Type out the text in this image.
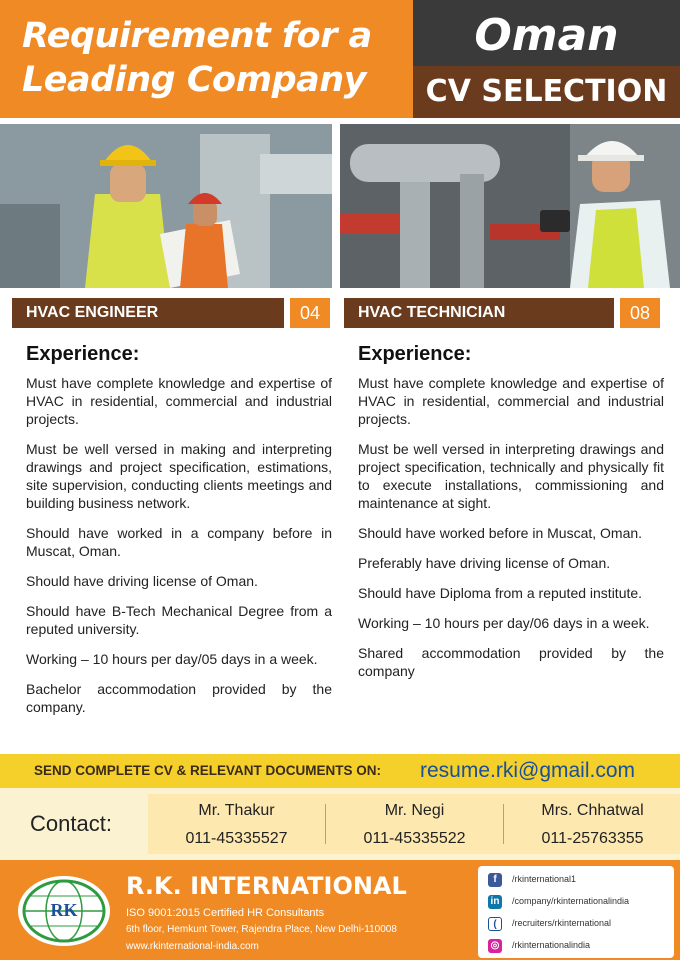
Requirement for a
Leading Company
Oman
CV SELECTION
HVAC ENGINEER	04
Experience:

Must have complete knowledge and expertise of HVAC in residential, commercial and industrial projects.

Must be well versed in making and interpreting drawings and project specification, estimations, site supervision, conducting clients meetings and building business network.

Should have worked in a company before in Muscat, Oman.

Should have driving license of Oman.

Should have B-Tech Mechanical Degree from a reputed university.

Working – 10 hours per day/05 days in a week.

Bachelor accommodation provided by the company.

HVAC TECHNICIAN	08
Experience:

Must have complete knowledge and expertise of HVAC in residential, commercial and industrial projects.

Must be well versed in interpreting drawings and project specification, technically and physically fit to execute installations, commissioning and maintenance at sight.

Should have worked before in Muscat, Oman.

Preferably have driving license of Oman.

Should have Diploma from a reputed institute.

Working – 10 hours per day/06 days in a week.

Shared accommodation provided by the company

SEND COMPLETE CV & RELEVANT DOCUMENTS ON: resume.rki@gmail.com
Contact:
Mr. Thakur
011-45335527
Mr. Negi
011-45335522
Mrs. Chhatwal
011-25763355
RK
R.K. INTERNATIONAL
ISO 9001:2015 Certified HR Consultants
6th floor, Hemkunt Tower, Rajendra Place, New Delhi-110008
www.rkinternational-india.com
f /rkinternational1
in /company/rkinternationalindia
( /recruiters/rkinternational
◎ /rkinternationalindia
